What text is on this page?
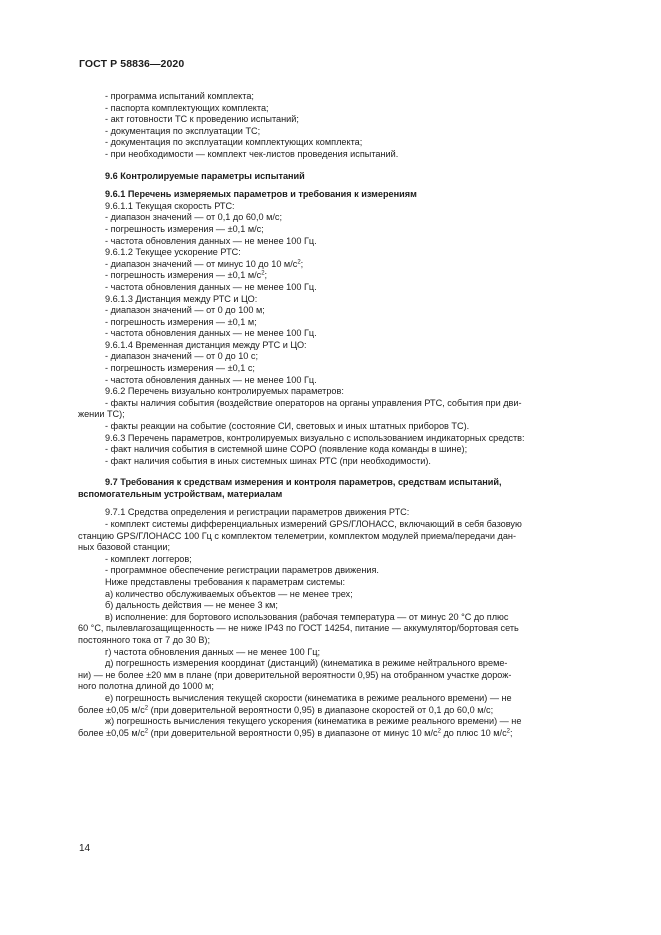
ГОСТ Р 58836—2020

- программа испытаний комплекта;

- паспорта комплектующих комплекта;

- акт готовности ТС к проведению испытаний;

- документация по эксплуатации ТС;

- документация по эксплуатации комплектующих комплекта;

- при необходимости — комплект чек-листов проведения испытаний.

9.6 Контролируемые параметры испытаний

9.6.1 Перечень измеряемых параметров и требования к измерениям

9.6.1.1 Текущая скорость РТС:

- диапазон значений — от 0,1 до 60,0 м/с;

- погрешность измерения — ±0,1 м/с;

- частота обновления данных — не менее 100 Гц.

9.6.1.2 Текущее ускорение РТС:

- диапазон значений — от минус 10 до 10 $м/с^2$;

- погрешность измерения — ±0,1 $м/с^2$;

- частота обновления данных — не менее 100 Гц.

9.6.1.3 Дистанция между РТС и ЦО:

- диапазон значений — от 0 до 100 м;

- погрешность измерения — ±0,1 м;

- частота обновления данных — не менее 100 Гц.

9.6.1.4 Временная дистанция между РТС и ЦО:

- диапазон значений — от 0 до 10 с;

- погрешность измерения — ±0,1 с;

- частота обновления данных — не менее 100 Гц.

9.6.2 Перечень визуально контролируемых параметров:

- факты наличия события (воздействие операторов на органы управления РТС, события при дви-

жении ТС);

- факты реакции на событие (состояние СИ, световых и иных штатных приборов ТС).

9.6.3 Перечень параметров, контролируемых визуально с использованием индикаторных средств:

- факт наличия события в системной шине СОРО (появление кода команды в шине);

- факт наличия события в иных системных шинах РТС (при необходимости).

9.7 Требования к средствам измерения и контроля параметров, средствам испытаний,

вспомогательным устройствам, материалам

9.7.1 Средства определения и регистрации параметров движения РТС:

- комплект системы дифференциальных измерений GPS/ГЛОНАСС, включающий в себя базовую

станцию GPS/ГЛОНАСС 100 Гц с комплектом телеметрии, комплектом модулей приема/передачи дан-

ных базовой станции;

- комплект логгеров;

- программное обеспечение регистрации параметров движения.

Ниже представлены требования к параметрам системы:

а) количество обслуживаемых объектов — не менее трех;

б) дальность действия — не менее 3 км;

в) исполнение: для бортового использования (рабочая температура — от минус 20 °С до плюс

60 °С, пылевлагозащищенность — не ниже IP43 по ГОСТ 14254, питание — аккумулятор/бортовая сеть

постоянного тока от 7 до 30 В);

г) частота обновления данных — не менее 100 Гц;

д) погрешность измерения координат (дистанций) (кинематика в режиме нейтрального време-

ни) — не более ±20 мм в плане (при доверительной вероятности 0,95) на отобранном участке дорож-

ного полотна длиной до 1000 м;

е) погрешность вычисления текущей скорости (кинематика в режиме реального времени) — не

более ±0,05 $м/с^2$ (при доверительной вероятности 0,95) в диапазоне скоростей от 0,1 до 60,0 м/с;

ж) погрешность вычисления текущего ускорения (кинематика в режиме реального времени) — не

более ±0,05 $м/с^2$ (при доверительной вероятности 0,95) в диапазоне от минус 10 $м/с^2$ до плюс 10 $м/с^2$;

14
